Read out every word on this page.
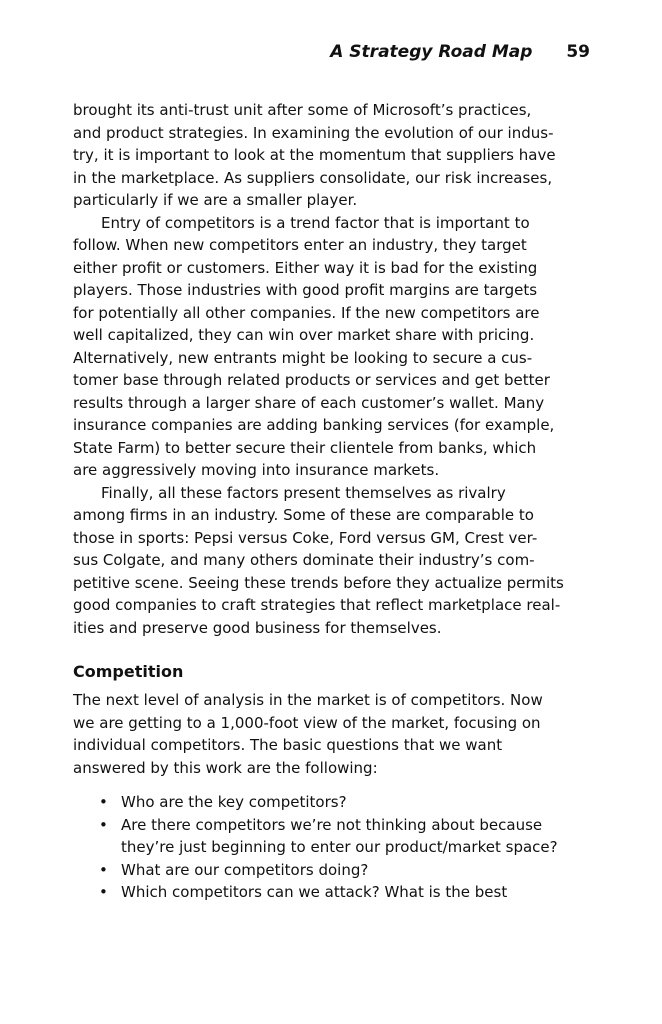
A Strategy Road Map 59
brought its anti-trust unit after some of Microsoft’s practices,
and product strategies. In examining the evolution of our indus-
try, it is important to look at the momentum that suppliers have
in the marketplace. As suppliers consolidate, our risk increases,
particularly if we are a smaller player.
Entry of competitors is a trend factor that is important to
follow. When new competitors enter an industry, they target
either profit or customers. Either way it is bad for the existing
players. Those industries with good profit margins are targets
for potentially all other companies. If the new competitors are
well capitalized, they can win over market share with pricing.
Alternatively, new entrants might be looking to secure a cus-
tomer base through related products or services and get better
results through a larger share of each customer’s wallet. Many
insurance companies are adding banking services (for example,
State Farm) to better secure their clientele from banks, which
are aggressively moving into insurance markets.
Finally, all these factors present themselves as rivalry
among firms in an industry. Some of these are comparable to
those in sports: Pepsi versus Coke, Ford versus GM, Crest ver-
sus Colgate, and many others dominate their industry’s com-
petitive scene. Seeing these trends before they actualize permits
good companies to craft strategies that reflect marketplace real-
ities and preserve good business for themselves.
Competition
The next level of analysis in the market is of competitors. Now
we are getting to a 1,000-foot view of the market, focusing on
individual competitors. The basic questions that we want
answered by this work are the following:
• Who are the key competitors?
• Are there competitors we’re not thinking about because
they’re just beginning to enter our product/market space?
• What are our competitors doing?
• Which competitors can we attack? What is the best
